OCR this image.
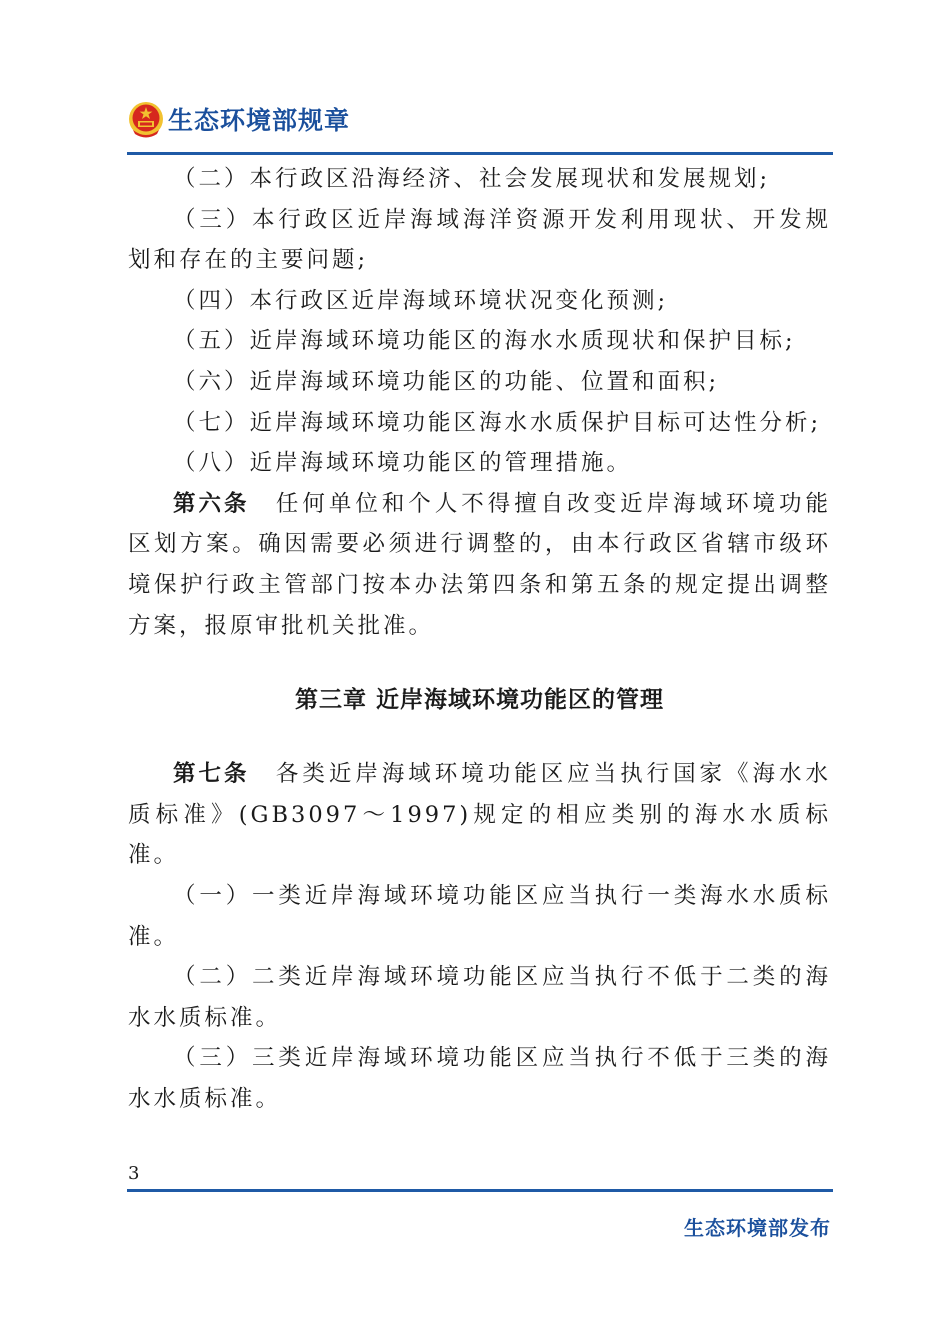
生态环境部规章

（二）本行政区沿海经济、社会发展现状和发展规划;

（三）本行政区近岸海域海洋资源开发利用现状、开发规划和存在的主要问题;

（四）本行政区近岸海域环境状况变化预测;

（五）近岸海域环境功能区的海水水质现状和保护目标;

（六）近岸海域环境功能区的功能、位置和面积;

（七）近岸海域环境功能区海水水质保护目标可达性分析;

（八）近岸海域环境功能区的管理措施。

第六条　 任何单位和个人不得擅自改变近岸海域环境功能区划方案。确因需要必须进行调整的，由本行政区省辖市级环境保护行政主管部门按本办法第四条和第五条的规定提出调整方案，报原审批机关批准。

第三章 近岸海域环境功能区的管理

第七条　 各类近岸海域环境功能区应当执行国家《海水水质标准》(GB3097～1997)规定的相应类别的海水水质标准。

（一）一类近岸海域环境功能区应当执行一类海水水质标准。

（二）二类近岸海域环境功能区应当执行不低于二类的海水水质标准。

（三）三类近岸海域环境功能区应当执行不低于三类的海水水质标准。

3
生态环境部发布
